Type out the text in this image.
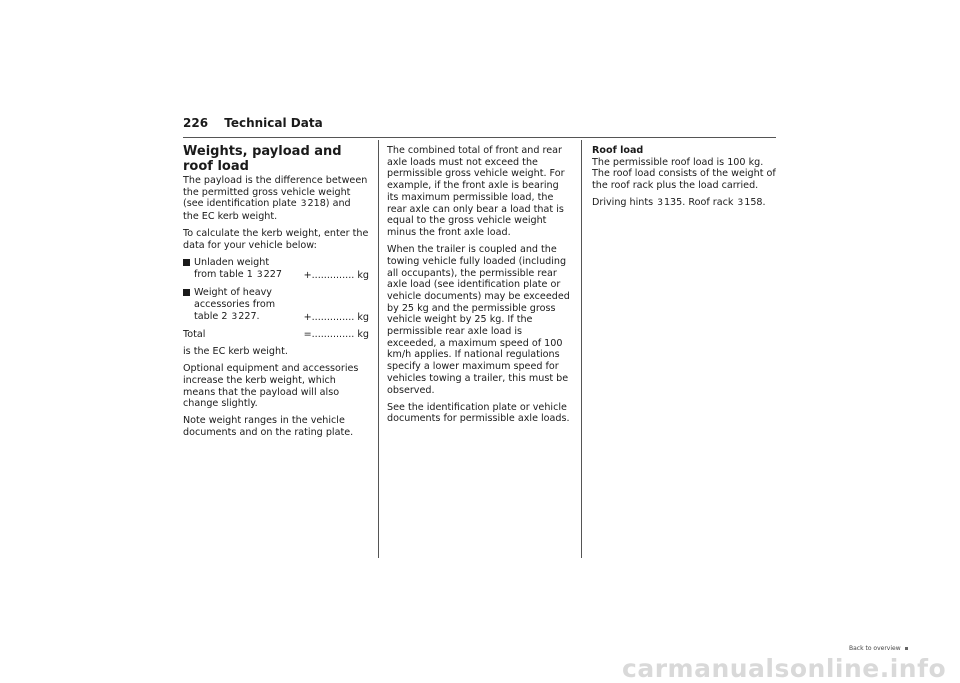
226 Technical Data
Weights, payload and roof load

The payload is the difference between the permitted gross vehicle weight (see identification plate 3218) and the EC kerb weight.

To calculate the kerb weight, enter the data for your vehicle below:

Unladen weight from table 1 3227	+.............. kg
Weight of heavy accessories from table 2 3227.	+.............. kg
Total	=.............. kg

is the EC kerb weight.

Optional equipment and accessories increase the kerb weight, which means that the payload will also change slightly.

Note weight ranges in the vehicle documents and on the rating plate.

The combined total of front and rear axle loads must not exceed the permissible gross vehicle weight. For example, if the front axle is bearing its maximum permissible load, the rear axle can only bear a load that is equal to the gross vehicle weight minus the front axle load.

When the trailer is coupled and the towing vehicle fully loaded (including all occupants), the permissible rear axle load (see identification plate or vehicle documents) may be exceeded by 25 kg and the permissible gross vehicle weight by 25 kg. If the permissible rear axle load is exceeded, a maximum speed of 100 km/h applies. If national regulations specify a lower maximum speed for vehicles towing a trailer, this must be observed.

See the identification plate or vehicle documents for permissible axle loads.

Roof load

The permissible roof load is 100 kg. The roof load consists of the weight of the roof rack plus the load carried.

Driving hints 3135. Roof rack 3158.

Back to overview
carmanualsonline.info
